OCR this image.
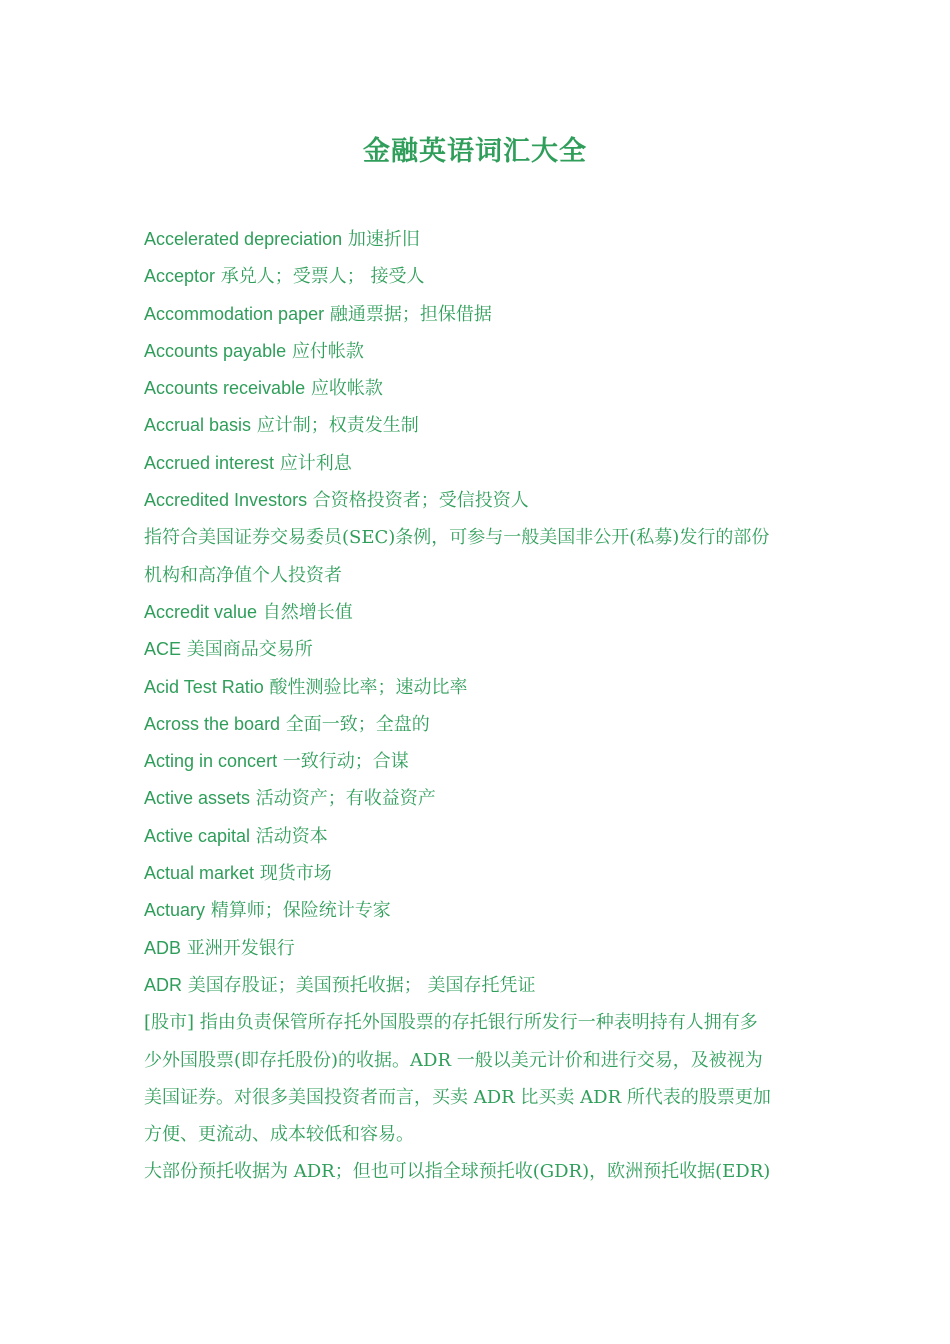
金融英语词汇大全
Accelerated depreciation 加速折旧
Acceptor 承兑人；受票人； 接受人
Accommodation paper 融通票据；担保借据
Accounts payable 应付帐款
Accounts receivable 应收帐款
Accrual basis 应计制；权责发生制
Accrued interest 应计利息
Accredited Investors 合资格投资者；受信投资人
指符合美国证券交易委员(SEC)条例，可参与一般美国非公开(私募)发行的部份
机构和高净值个人投资者
Accredit value 自然增长值
ACE 美国商品交易所
Acid Test Ratio 酸性测验比率；速动比率
Across the board 全面一致；全盘的
Acting in concert 一致行动；合谋
Active assets 活动资产；有收益资产
Active capital 活动资本
Actual market 现货市场
Actuary 精算师；保险统计专家
ADB 亚洲开发银行
ADR 美国存股证；美国预托收据； 美国存托凭证
[股市] 指由负责保管所存托外国股票的存托银行所发行一种表明持有人拥有多
少外国股票(即存托股份)的收据。ADR 一般以美元计价和进行交易，及被视为
美国证券。对很多美国投资者而言，买卖 ADR 比买卖 ADR 所代表的股票更加
方便、更流动、成本较低和容易。
大部份预托收据为 ADR；但也可以指全球预托收(GDR)，欧洲预托收据(EDR)
